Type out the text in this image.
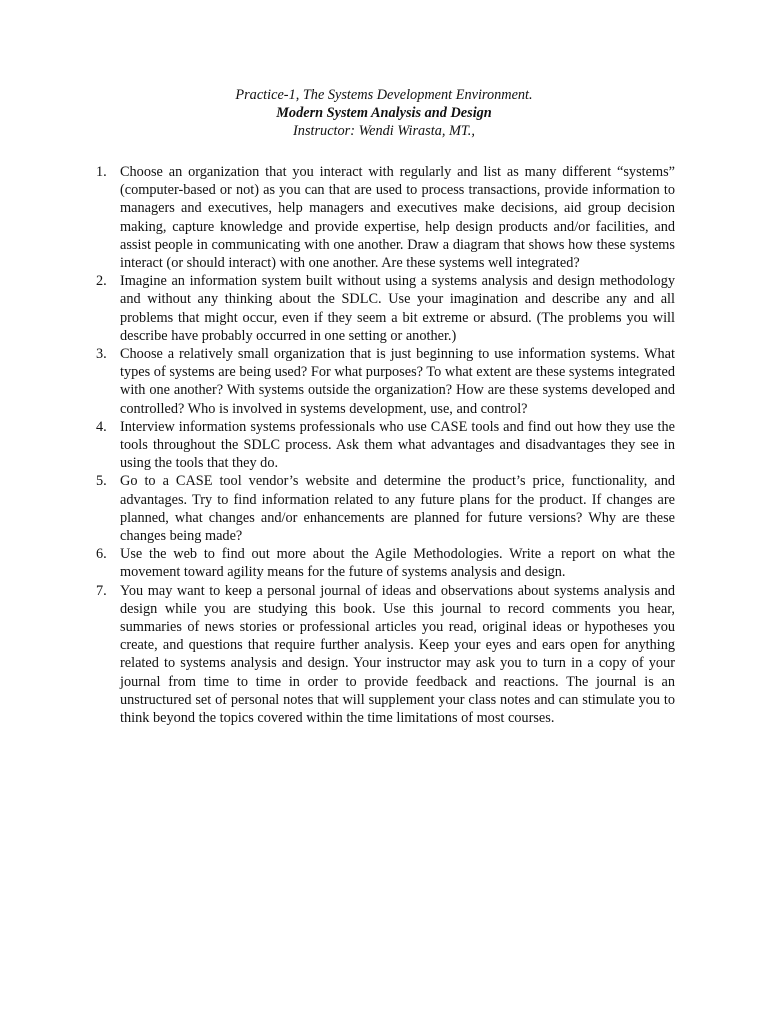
Practice-1, The Systems Development Environment.
Modern System Analysis and Design
Instructor: Wendi Wirasta, MT.,
1. Choose an organization that you interact with regularly and list as many different “systems” (computer-based or not) as you can that are used to process transactions, provide information to managers and executives, help managers and executives make decisions, aid group decision making, capture knowledge and provide expertise, help design products and/or facilities, and assist people in communicating with one another. Draw a diagram that shows how these systems interact (or should interact) with one another. Are these systems well integrated?
2. Imagine an information system built without using a systems analysis and design methodology and without any thinking about the SDLC. Use your imagination and describe any and all problems that might occur, even if they seem a bit extreme or absurd. (The problems you will describe have probably occurred in one setting or another.)
3. Choose a relatively small organization that is just beginning to use information systems. What types of systems are being used? For what purposes? To what extent are these systems integrated with one another? With systems outside the organization? How are these systems developed and controlled? Who is involved in systems development, use, and control?
4. Interview information systems professionals who use CASE tools and find out how they use the tools throughout the SDLC process. Ask them what advantages and disadvantages they see in using the tools that they do.
5. Go to a CASE tool vendor’s website and determine the product’s price, functionality, and advantages. Try to find information related to any future plans for the product. If changes are planned, what changes and/or enhancements are planned for future versions? Why are these changes being made?
6. Use the web to find out more about the Agile Methodologies. Write a report on what the movement toward agility means for the future of systems analysis and design.
7. You may want to keep a personal journal of ideas and observations about systems analysis and design while you are studying this book. Use this journal to record comments you hear, summaries of news stories or professional articles you read, original ideas or hypotheses you create, and questions that require further analysis. Keep your eyes and ears open for anything related to systems analysis and design. Your instructor may ask you to turn in a copy of your journal from time to time in order to provide feedback and reactions. The journal is an unstructured set of personal notes that will supplement your class notes and can stimulate you to think beyond the topics covered within the time limitations of most courses.
